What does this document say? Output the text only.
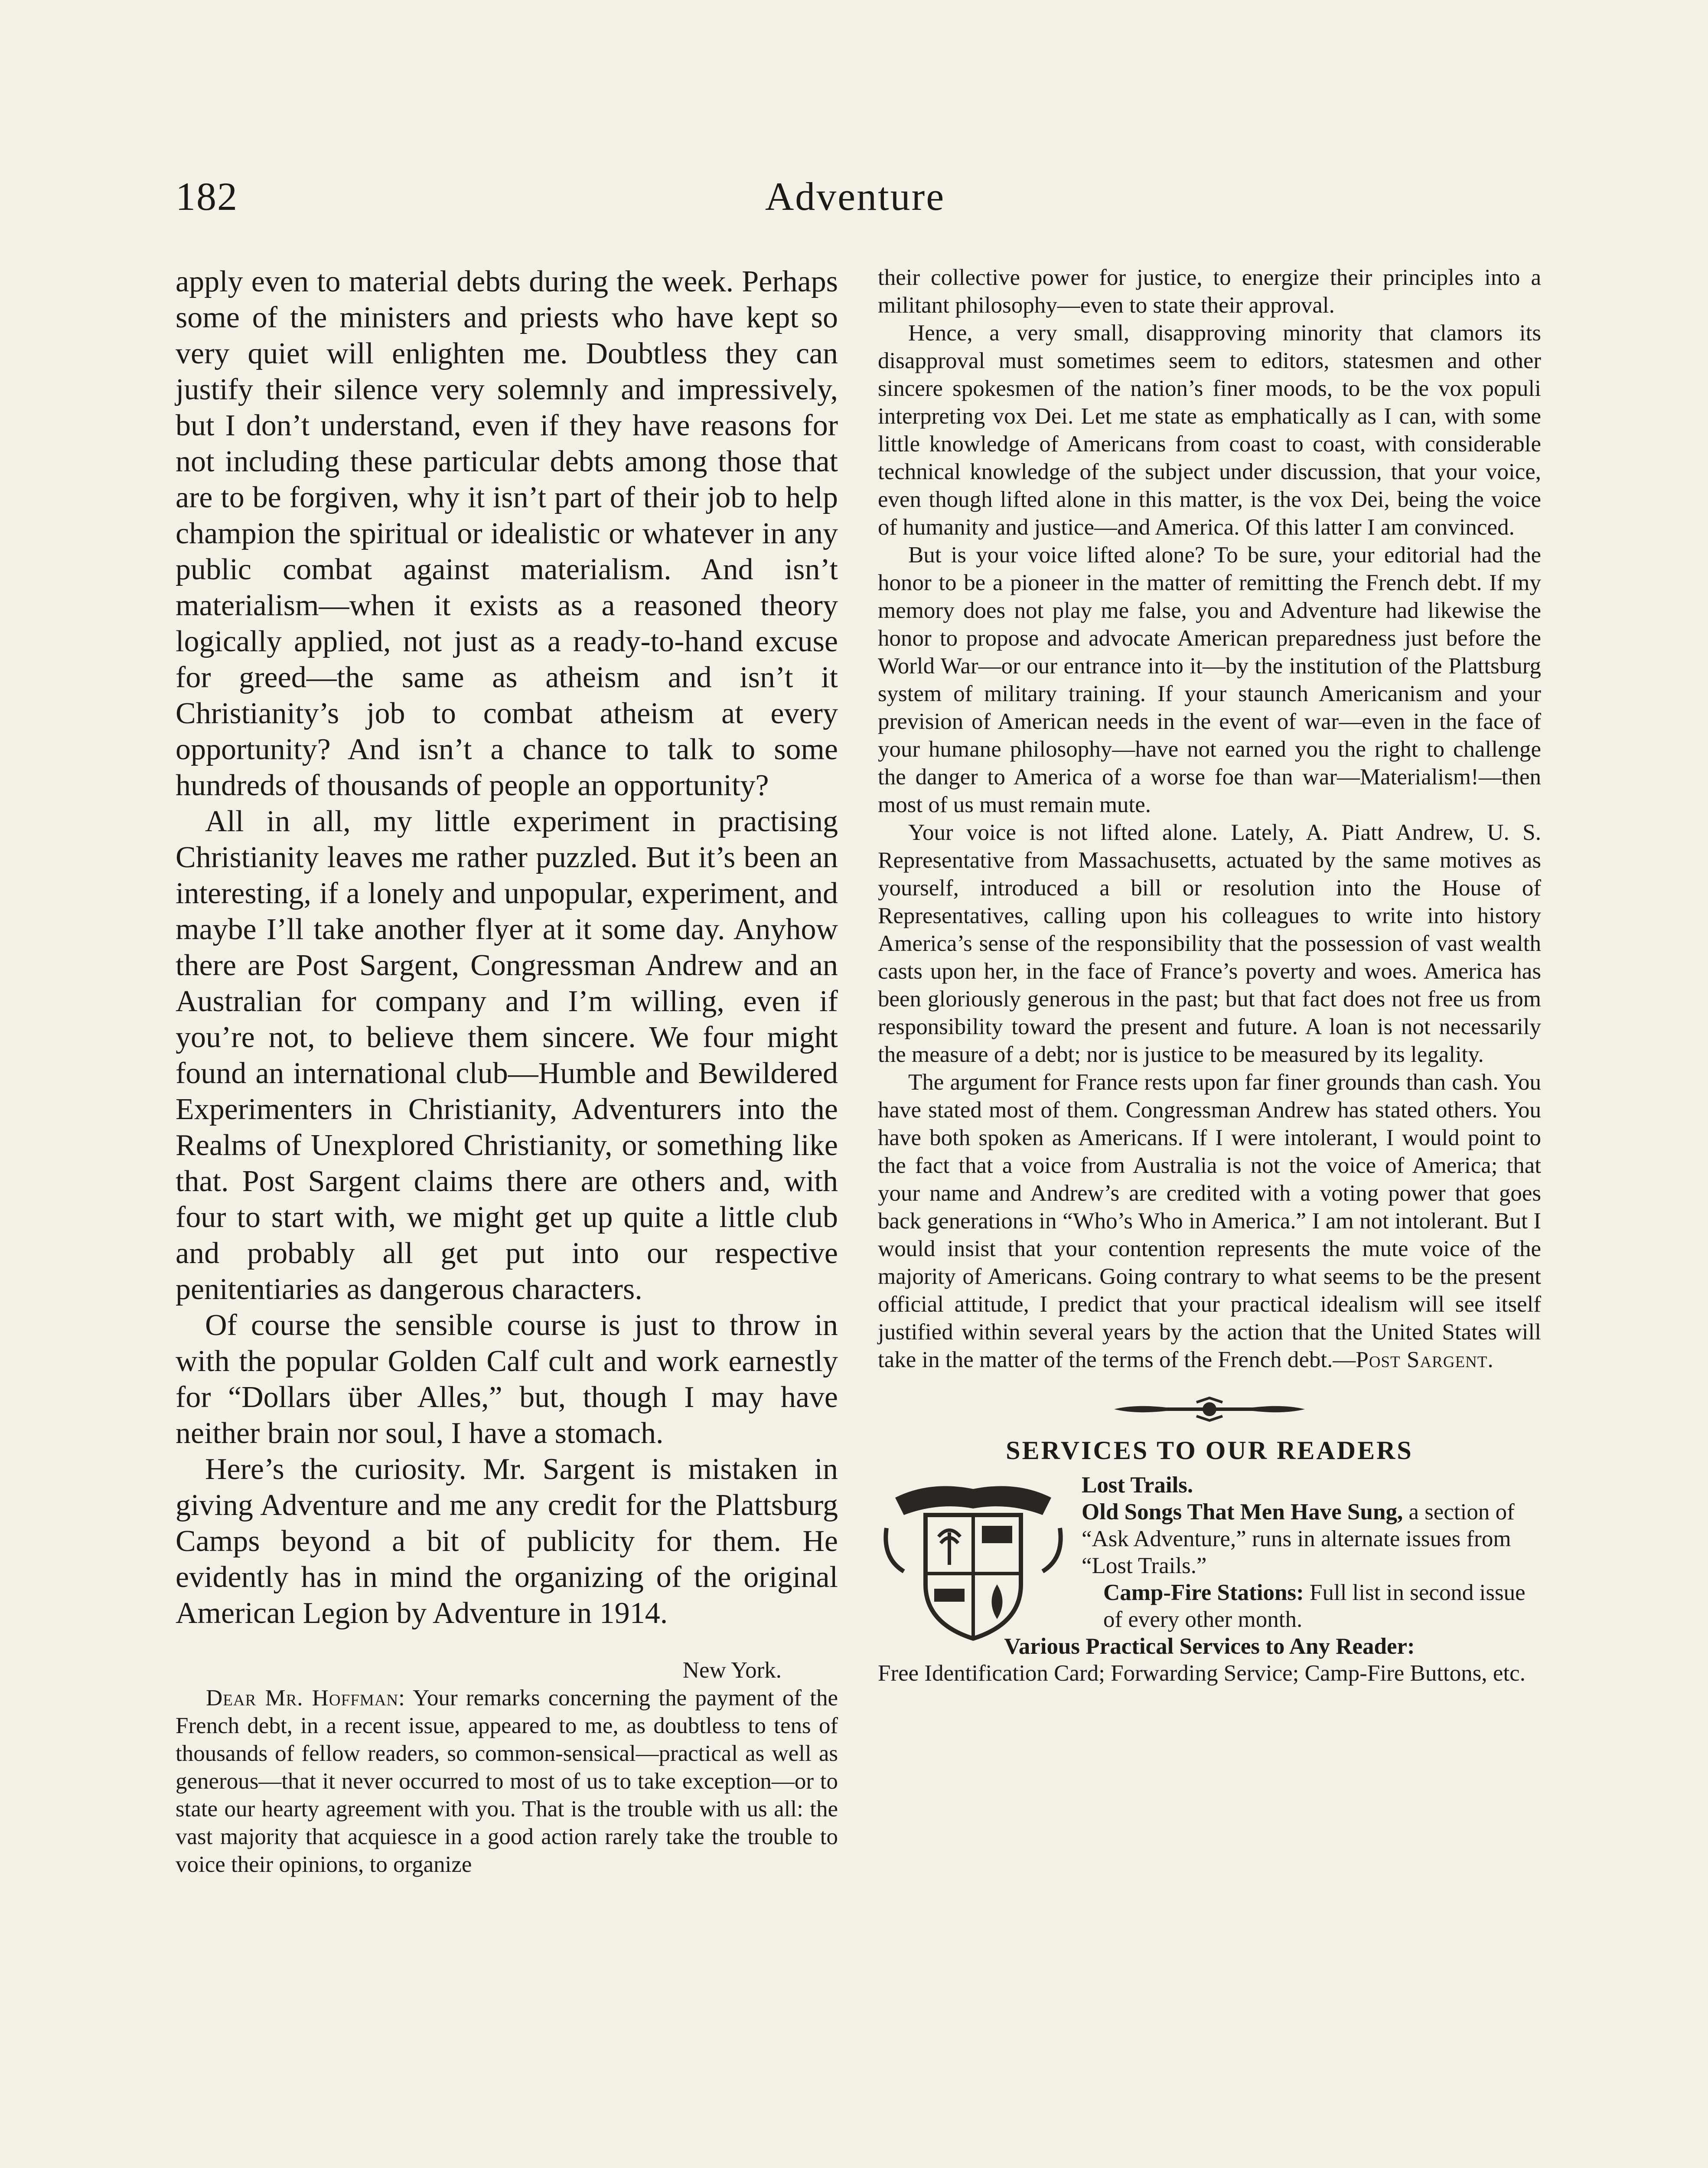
182	Adventure

apply even to material debts during the week. Perhaps some of the ministers and priests who have kept so very quiet will enlighten me. Doubtless they can justify their silence very solemnly and impressively, but I don’t understand, even if they have reasons for not including these particular debts among those that are to be forgiven, why it isn’t part of their job to help champion the spiritual or idealistic or whatever in any public combat against materialism. And isn’t materialism—when it exists as a reasoned theory logically applied, not just as a ready-to-hand excuse for greed—the same as atheism and isn’t it Christianity’s job to combat atheism at every opportunity? And isn’t a chance to talk to some hundreds of thousands of people an opportunity?

All in all, my little experiment in practising Christianity leaves me rather puzzled. But it’s been an interesting, if a lonely and unpopular, experiment, and maybe I’ll take another flyer at it some day. Anyhow there are Post Sargent, Congressman Andrew and an Australian for company and I’m willing, even if you’re not, to believe them sincere. We four might found an international club—Humble and Bewildered Experimenters in Christianity, Adventurers into the Realms of Unexplored Christianity, or something like that. Post Sargent claims there are others and, with four to start with, we might get up quite a little club and probably all get put into our respective penitentiaries as dangerous characters.

Of course the sensible course is just to throw in with the popular Golden Calf cult and work earnestly for “Dollars über Alles,” but, though I may have neither brain nor soul, I have a stomach.

Here’s the curiosity. Mr. Sargent is mistaken in giving Adventure and me any credit for the Plattsburg Camps beyond a bit of publicity for them. He evidently has in mind the organizing of the original American Legion by Adventure in 1914.

New York.

Dear Mr. Hoffman: Your remarks concerning the payment of the French debt, in a recent issue, appeared to me, as doubtless to tens of thousands of fellow readers, so common-sensical—practical as well as generous—that it never occurred to most of us to take exception—or to state our hearty agreement with you. That is the trouble with us all: the vast majority that acquiesce in a good action rarely take the trouble to voice their opinions, to organize

their collective power for justice, to energize their principles into a militant philosophy—even to state their approval.

Hence, a very small, disapproving minority that clamors its disapproval must sometimes seem to editors, statesmen and other sincere spokesmen of the nation’s finer moods, to be the vox populi interpreting vox Dei. Let me state as emphatically as I can, with some little knowledge of Americans from coast to coast, with considerable technical knowledge of the subject under discussion, that your voice, even though lifted alone in this matter, is the vox Dei, being the voice of humanity and justice—and America. Of this latter I am convinced.

But is your voice lifted alone? To be sure, your editorial had the honor to be a pioneer in the matter of remitting the French debt. If my memory does not play me false, you and Adventure had likewise the honor to propose and advocate American preparedness just before the World War—or our entrance into it—by the institution of the Plattsburg system of military training. If your staunch Americanism and your prevision of American needs in the event of war—even in the face of your humane philosophy—have not earned you the right to challenge the danger to America of a worse foe than war—Materialism!—then most of us must remain mute.

Your voice is not lifted alone. Lately, A. Piatt Andrew, U. S. Representative from Massachusetts, actuated by the same motives as yourself, introduced a bill or resolution into the House of Representatives, calling upon his colleagues to write into history America’s sense of the responsibility that the possession of vast wealth casts upon her, in the face of France’s poverty and woes. America has been gloriously generous in the past; but that fact does not free us from responsibility toward the present and future. A loan is not necessarily the measure of a debt; nor is justice to be measured by its legality.

The argument for France rests upon far finer grounds than cash. You have stated most of them. Congressman Andrew has stated others. You have both spoken as Americans. If I were intolerant, I would point to the fact that a voice from Australia is not the voice of America; that your name and Andrew’s are credited with a voting power that goes back generations in “Who’s Who in America.” I am not intolerant. But I would insist that your contention represents the mute voice of the majority of Americans. Going contrary to what seems to be the present official attitude, I predict that your practical idealism will see itself justified within several years by the action that the United States will take in the matter of the terms of the French debt.—Post Sargent.

SERVICES TO OUR READERS
Lost Trails.
Old Songs That Men Have Sung, a section of “Ask Adventure,” runs in alternate issues from “Lost Trails.”
Camp-Fire Stations: Full list in second issue of every other month.
Various Practical Services to Any Reader:
Free Identification Card; Forwarding Service; Camp-Fire Buttons, etc.
